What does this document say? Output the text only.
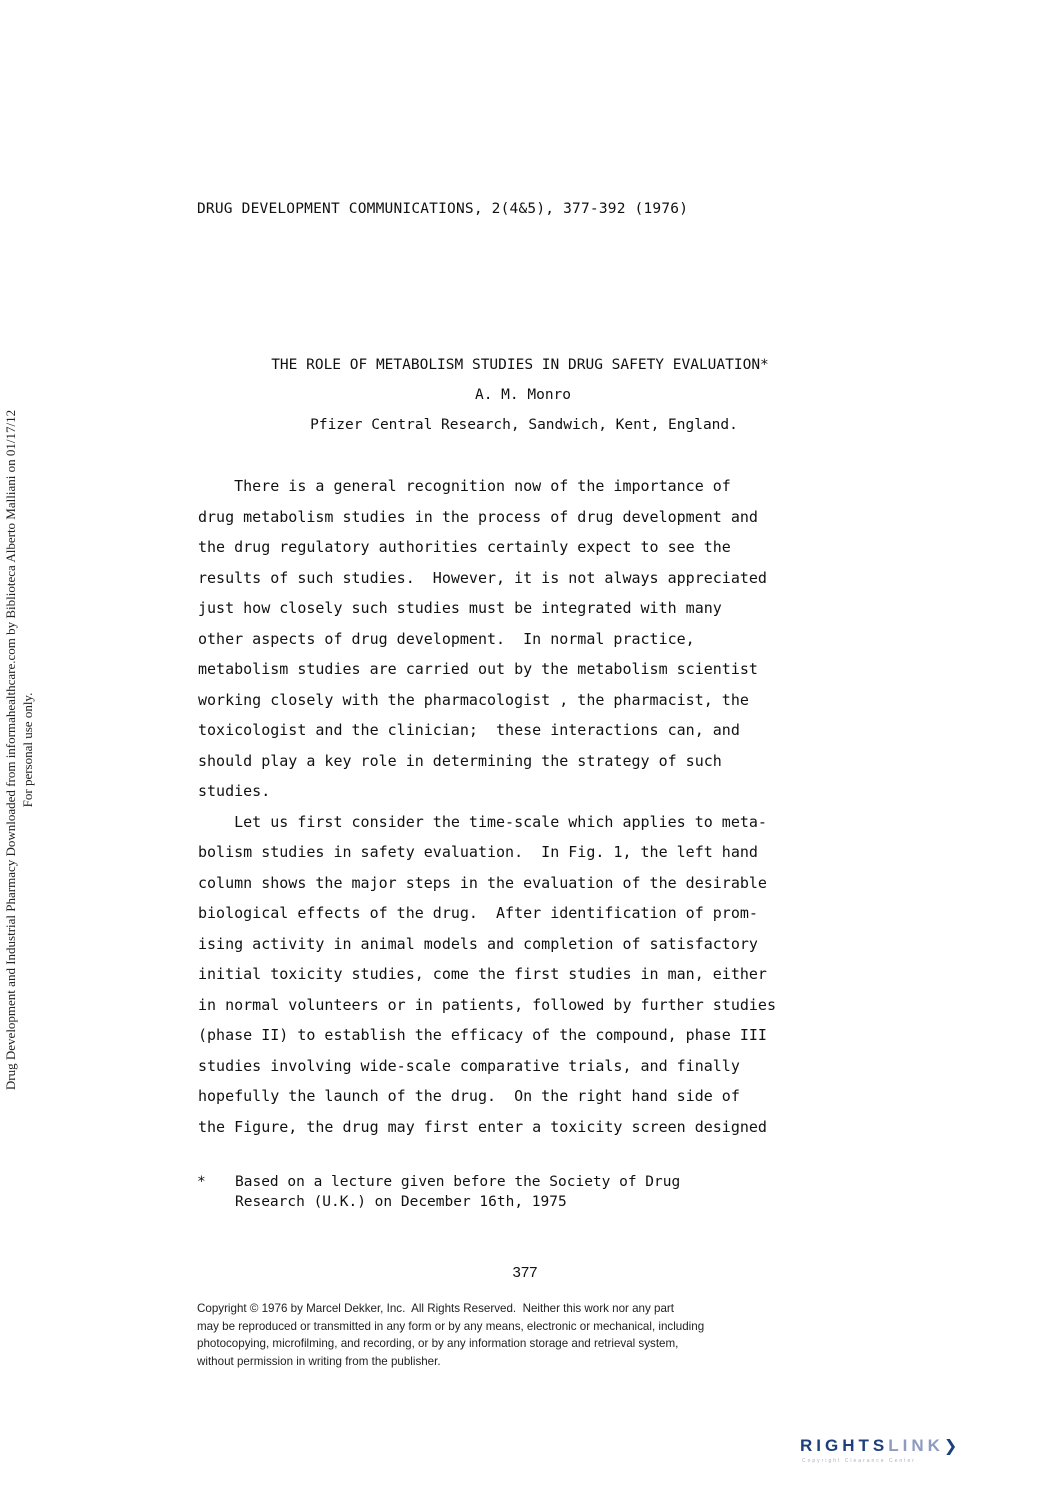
DRUG DEVELOPMENT COMMUNICATIONS, 2(4&5), 377-392 (1976)
Drug Development and Industrial Pharmacy Downloaded from informahealthcare.com by Biblioteca Alberto Malliani on 01/17/12 For personal use only.
THE ROLE OF METABOLISM STUDIES IN DRUG SAFETY EVALUATION*
A. M. Monro
Pfizer Central Research, Sandwich, Kent, England.

There is a general recognition now of the importance of

drug metabolism studies in the process of drug development and

the drug regulatory authorities certainly expect to see the

results of such studies.  However, it is not always appreciated

just how closely such studies must be integrated with many

other aspects of drug development.  In normal practice,

metabolism studies are carried out by the metabolism scientist

working closely with the pharmacologist , the pharmacist, the

toxicologist and the clinician;  these interactions can, and

should play a key role in determining the strategy of such

studies.

Let us first consider the time-scale which applies to meta-

bolism studies in safety evaluation.  In Fig. 1, the left hand

column shows the major steps in the evaluation of the desirable

biological effects of the drug.  After identification of prom-

ising activity in animal models and completion of satisfactory

initial toxicity studies, come the first studies in man, either

in normal volunteers or in patients, followed by further studies

(phase II) to establish the efficacy of the compound, phase III

studies involving wide-scale comparative trials, and finally

hopefully the launch of the drug.  On the right hand side of

the Figure, the drug may first enter a toxicity screen designed

* Based on a lecture given before the Society of Drug
Research (U.K.) on December 16th, 1975
377
Copyright © 1976 by Marcel Dekker, Inc.  All Rights Reserved.  Neither this work nor any part
may be reproduced or transmitted in any form or by any means, electronic or mechanical, including
photocopying, microfilming, and recording, or by any information storage and retrieval system,
without permission in writing from the publisher.
RIGHTSLINK❯
Copyright Clearance Center
